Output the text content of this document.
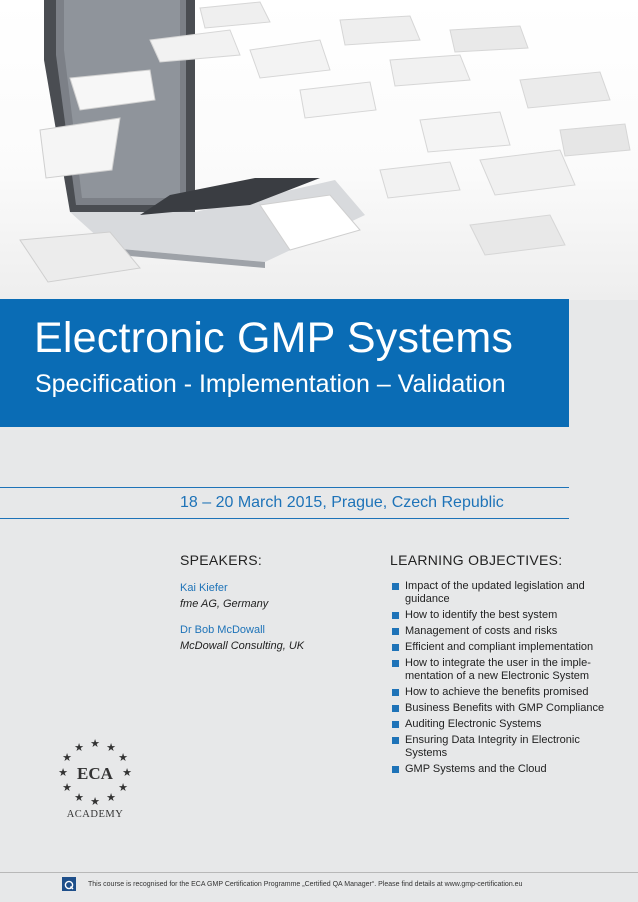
Electronic GMP Systems
Specification - Implementation – Validation
18 – 20 March 2015, Prague, Czech Republic
SPEAKERS:
Kai Kiefer
fme AG, Germany
Dr Bob McDowall
McDowall Consulting, UK
LEARNING OBJECTIVES:
Impact of the updated legislation and guidance
How to identify the best system
Management of costs and risks
Efficient and compliant implementation
How to integrate the user in the imple-mentation of a new Electronic System
How to achieve the benefits promised
Business Benefits with GMP Compliance
Auditing Electronic Systems
Ensuring Data Integrity in Electronic Systems
GMP Systems and the Cloud
★
★ ★
★	★
★	★
★	★
★ ★
★
ECA
ACADEMY
This course is recognised for the ECA GMP Certification Programme „Certified QA Manager“. Please find details at www.gmp-certification.eu
